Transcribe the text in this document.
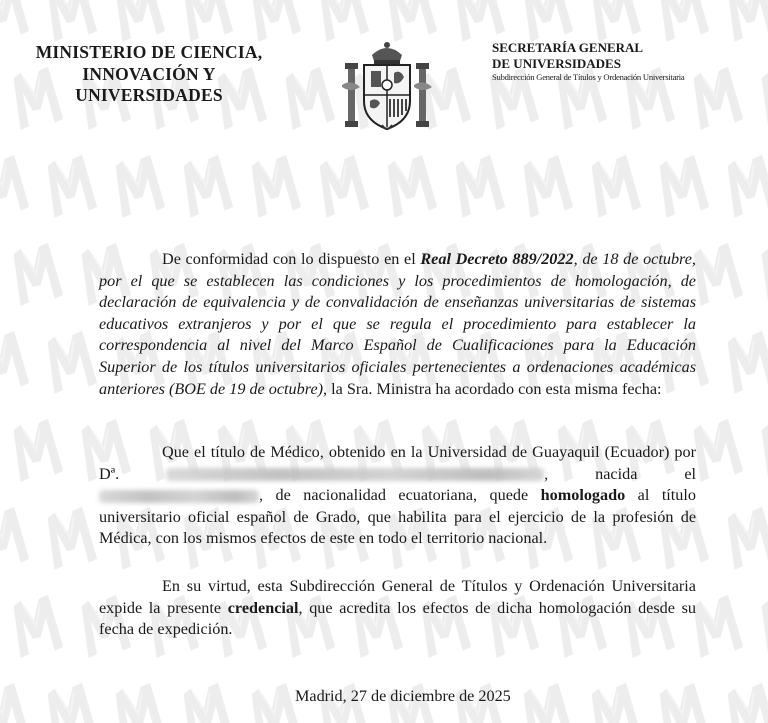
MINISTERIO DE CIENCIA,
INNOVACIÓN Y
UNIVERSIDADES
SECRETARÍA GENERAL
DE UNIVERSIDADES
Subdirección General de Títulos y Ordenación Universitaria
De conformidad con lo dispuesto en el Real Decreto 889/2022, de 18 de octubre, por el que se establecen las condiciones y los procedimientos de homologación, de declaración de equivalencia y de convalidación de enseñanzas universitarias de sistemas educativos extranjeros y por el que se regula el procedimiento para establecer la correspondencia al nivel del Marco Español de Cualificaciones para la Educación Superior de los títulos universitarios oficiales pertenecientes a ordenaciones académicas anteriores (BOE de 19 de octubre), la Sra. Ministra ha acordado con esta misma fecha:
Que el título de Médico, obtenido en la Universidad de Guayaquil (Ecuador) por Dª.	, nacida el , de nacionalidad ecuatoriana, quede homologado al título universitario oficial español de Grado, que habilita para el ejercicio de la profesión de Médica, con los mismos efectos de este en todo el territorio nacional.
En su virtud, esta Subdirección General de Títulos y Ordenación Universitaria expide la presente credencial, que acredita los efectos de dicha homologación desde su fecha de expedición.
Madrid, 27 de diciembre de 2025
